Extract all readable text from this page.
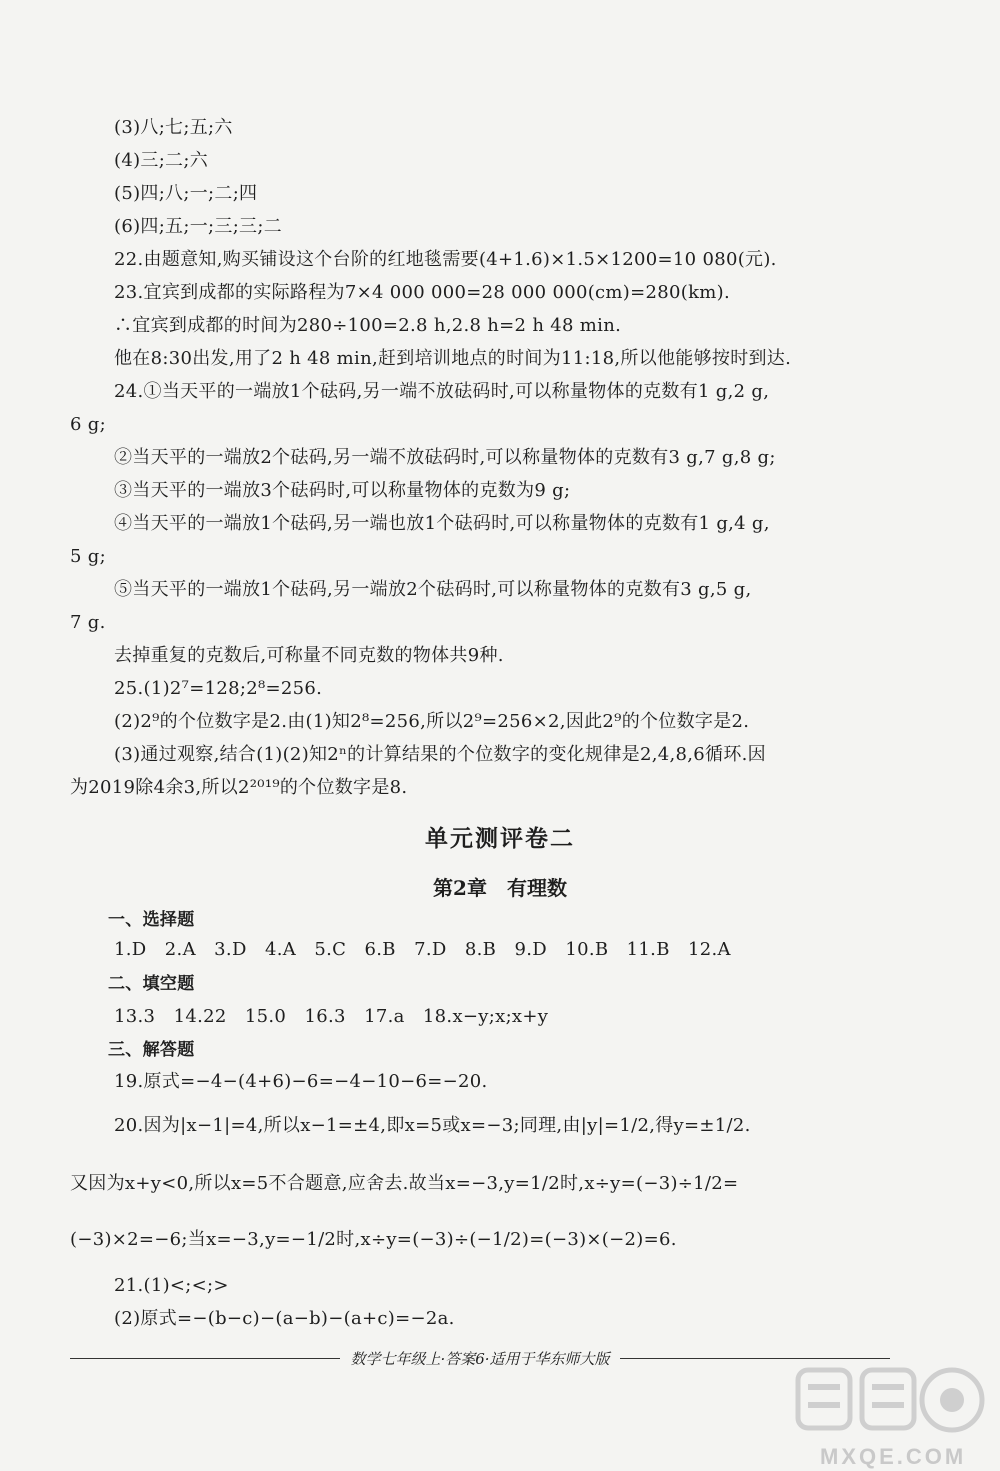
(3)八;七;五;六
(4)三;二;六
(5)四;八;一;二;四
(6)四;五;一;三;三;二
22.由题意知,购买铺设这个台阶的红地毯需要(4+1.6)×1.5×1200=10 080(元).
23.宜宾到成都的实际路程为7×4 000 000=28 000 000(cm)=280(km).
∴宜宾到成都的时间为280÷100=2.8 h,2.8 h=2 h 48 min.
他在8:30出发,用了2 h 48 min,赶到培训地点的时间为11:18,所以他能够按时到达.
24.①当天平的一端放1个砝码,另一端不放砝码时,可以称量物体的克数有1 g,2 g,
6 g;
②当天平的一端放2个砝码,另一端不放砝码时,可以称量物体的克数有3 g,7 g,8 g;
③当天平的一端放3个砝码时,可以称量物体的克数为9 g;
④当天平的一端放1个砝码,另一端也放1个砝码时,可以称量物体的克数有1 g,4 g,
5 g;
⑤当天平的一端放1个砝码,另一端放2个砝码时,可以称量物体的克数有3 g,5 g,
7 g.
去掉重复的克数后,可称量不同克数的物体共9种.
25.(1)2⁷=128;2⁸=256.
(2)2⁹的个位数字是2.由(1)知2⁸=256,所以2⁹=256×2,因此2⁹的个位数字是2.
(3)通过观察,结合(1)(2)知2ⁿ的计算结果的个位数字的变化规律是2,4,8,6循环.因
为2019除4余3,所以2²⁰¹⁹的个位数字是8.
单元测评卷二
第2章　有理数
一、选择题
1.D　2.A　3.D　4.A　5.C　6.B　7.D　8.B　9.D　10.B　11.B　12.A
二、填空题
13.3　14.22　15.0　16.3　17.a　18.x−y;x;x+y
三、解答题
19.原式=−4−(4+6)−6=−4−10−6=−20.
20.因为|x−1|=4,所以x−1=±4,即x=5或x=−3;同理,由|y|=1/2,得y=±1/2.
又因为x+y<0,所以x=5不合题意,应舍去.故当x=−3,y=1/2时,x÷y=(−3)÷1/2=
(−3)×2=−6;当x=−3,y=−1/2时,x÷y=(−3)÷(−1/2)=(−3)×(−2)=6.
21.(1)<;<;>
(2)原式=−(b−c)−(a−b)−(a+c)=−2a.
数学七年级上·答案6·适用于华东师大版
MXQE.COM
